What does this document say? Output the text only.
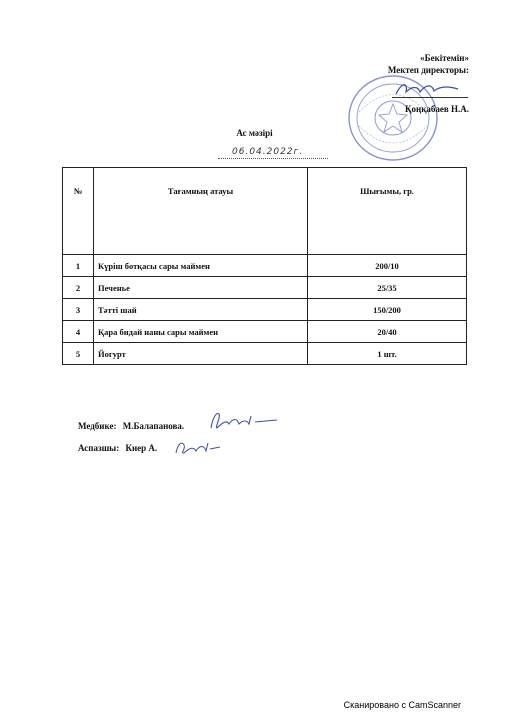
«Бекітемін»
Мектеп директоры:
Қоңқабаев Н.А.
Ас мәзірі
06.04.2022г.
№	Тағамның атауы	Шығымы, гр.
1	Күріш ботқасы сары маймен	200/10
2	Печенье	25/35
3	Тәтті шай	150/200
4	Қара бидай наны сары маймен	20/40
5	Йогурт	1 шт.
Медбике: М.Балапанова.
Аспазшы: Киер А.
Сканировано с CamScanner
